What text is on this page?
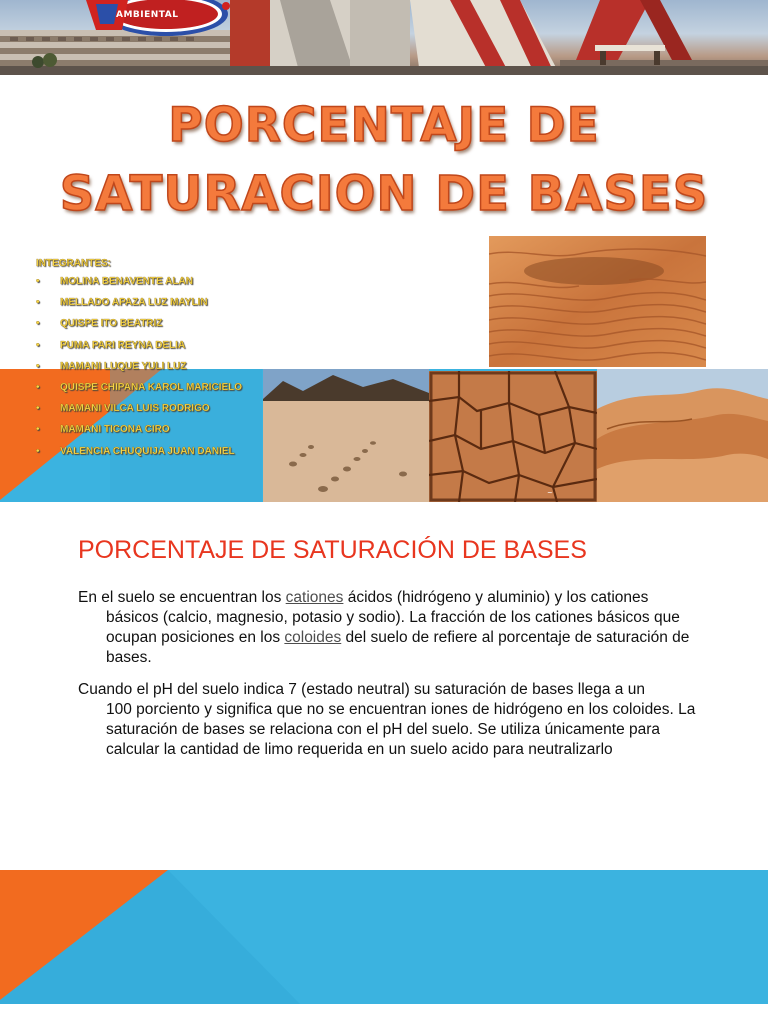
AMBIENTAL
PORCENTAJE DE
SATURACION DE BASES
~
INTEGRANTES:
• MOLINA BENAVENTE ALAN
• MELLADO APAZA LUZ MAYLIN
• QUISPE ITO BEATRIZ
• PUMA PARI REYNA DELIA
• MAMANI LUQUE YULI LUZ
• QUISPE CHIPANA KAROL MARICIELO
• MAMANI VILCA LUIS RODRIGO
• MAMANI TICONA CIRO
• VALENCIA CHUQUIJA JUAN DANIEL
PORCENTAJE DE SATURACIÓN DE BASES
En el suelo se encuentran los cationes ácidos (hidrógeno y aluminio) y los cationes
básicos (calcio, magnesio, potasio y sodio). La fracción de los cationes básicos que ocupan posiciones en los coloides del suelo de refiere al porcentaje de saturación de bases.
Cuando el pH del suelo indica 7 (estado neutral) su saturación de bases llega a un
100 porciento y significa que no se encuentran iones de hidrógeno en los coloides. La saturación de bases se relaciona con el pH del suelo. Se utiliza únicamente para calcular la cantidad de limo requerida en un suelo acido para neutralizarlo
